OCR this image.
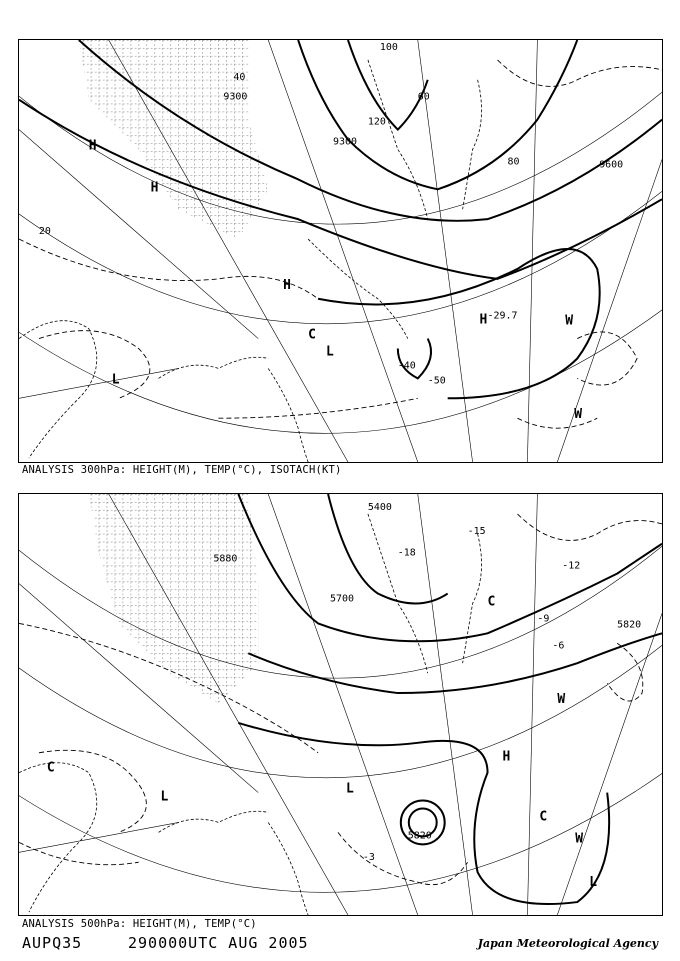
H
H
H
H
L
L
W
W
C
9300
9600
9300
20
40
60
80
100
120
-29.7
-40
-50
ANALYSIS 300hPa: HEIGHT(M), TEMP(°C), ISOTACH(KT)
H
L
L
L
W
W
C
C
C
5400
5700
5820
5820
5880
-3
-6
-9
-12
-15
-18
ANALYSIS 500hPa: HEIGHT(M), TEMP(°C)
AUPQ35	290000UTC AUG 2005	Japan Meteorological Agency
